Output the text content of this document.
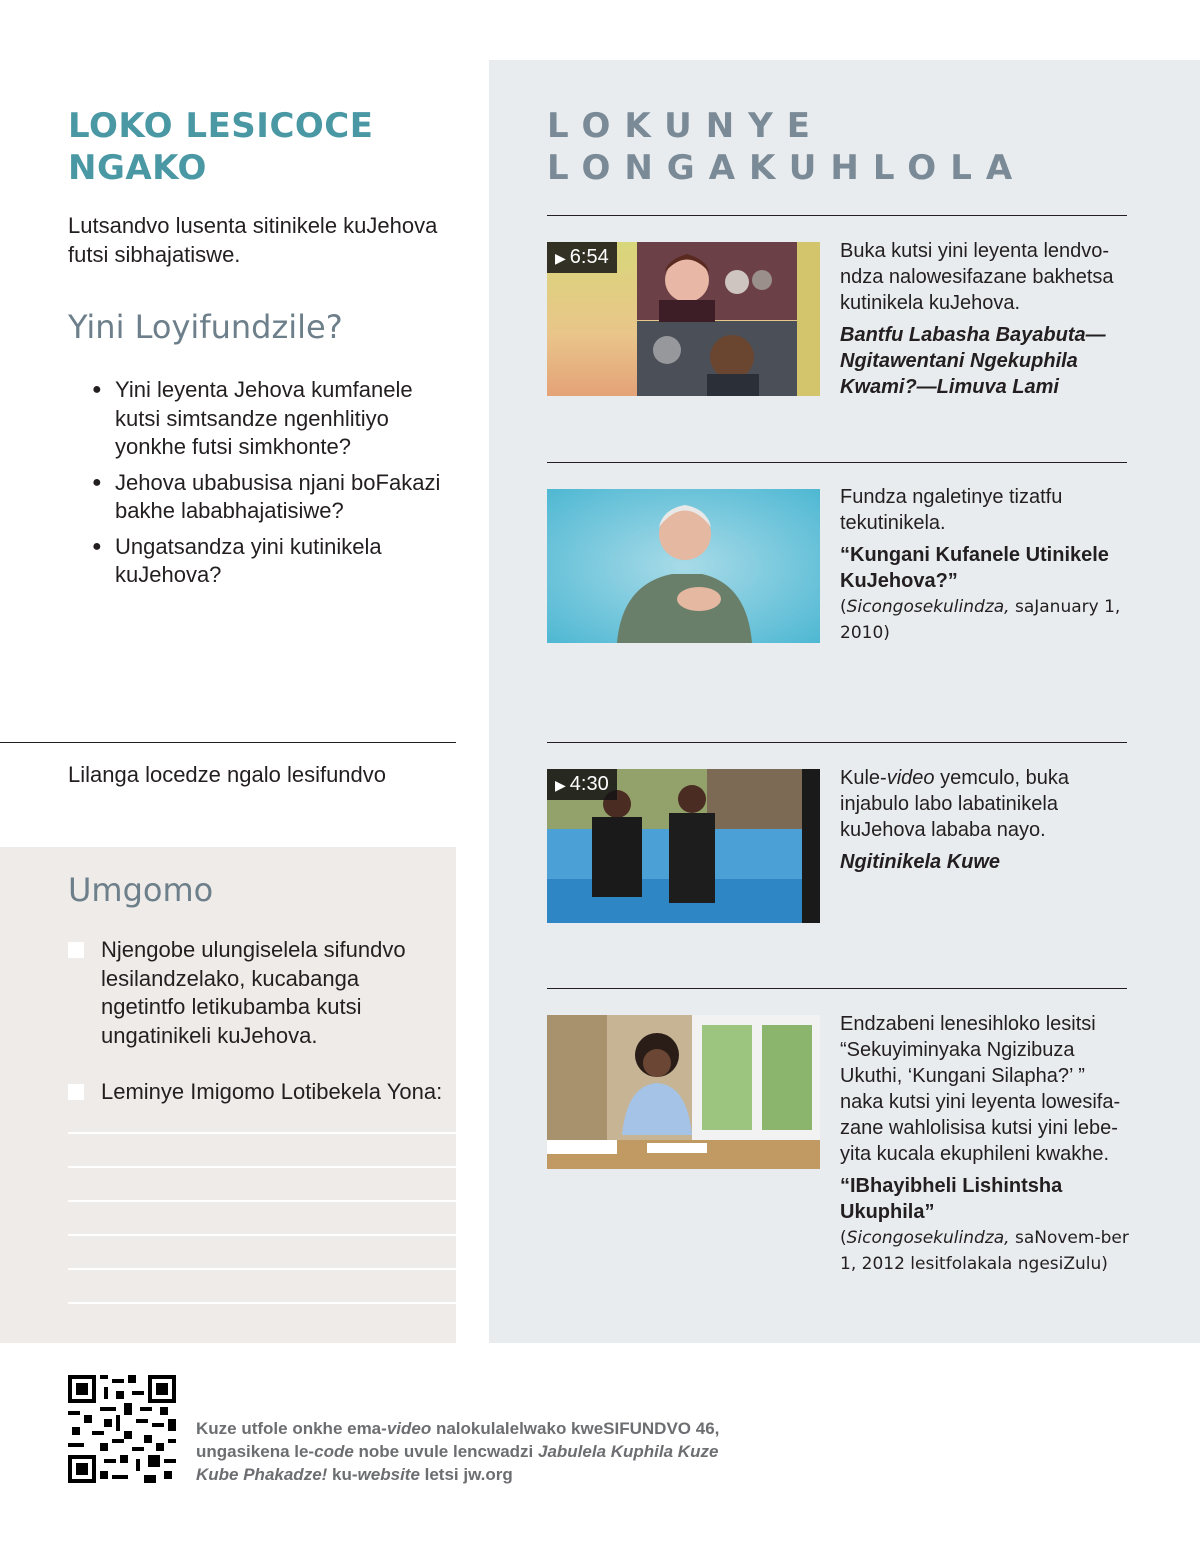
LOKO LESICOCE
NGAKO
Lutsandvo lusenta sitinikele kuJehova futsi sibhajatiswe.
Yini Loyifundzile?
● Yini leyenta Jehova kumfanele kutsi simtsandze ngenhlitiyo yonkhe futsi simkhonte?
● Jehova ubabusisa njani boFakazi bakhe lababhajatisiwe?
● Ungatsandza yini kutinikela kuJehova?
Lilanga locedze ngalo lesifundvo
Umgomo
Njengobe ulungiselela sifundvo lesilandzelako, kucabanga ngetintfo letikubamba kutsi ungatinikeli kuJehova.
Leminye Imigomo Lotibekela Yona:
LOKUNYE
LONGAKUHLOLA
▶ 6:54	Buka kutsi yini leyenta lendvo-ndza nalowesifazane bakhetsa kutinikela kuJehova.
Bantfu Labasha Bayabuta—Ngitawentani Ngekuphila Kwami?—Limuva Lami
Fundza ngaletinye tizatfu tekutinikela.
“Kungani Kufanele Utinikele KuJehova?”
(Sicongosekulindza, saJanuary 1, 2010)
▶ 4:30	Kule-video yemculo, buka injabulo labo labatinikela kuJehova lababa nayo.
Ngitinikela Kuwe
Endzabeni lenesihloko lesitsi “Sekuyiminyaka Ngizibuza Ukuthi, ‘Kungani Silapha?’ ” naka kutsi yini leyenta lowesifa-zane wahlolisisa kutsi yini lebe-yita kucala ekuphileni kwakhe.
“IBhayibheli Lishintsha Ukuphila”
(Sicongosekulindza, saNovem-ber 1, 2012 lesitfolakala ngesiZulu)
Kuze utfole onkhe ema-video nalokulalelwako kweSIFUNDVO 46,
ungasikena le-code nobe uvule lencwadzi Jabulela Kuphila Kuze
Kube Phakadze! ku-website letsi jw.org
